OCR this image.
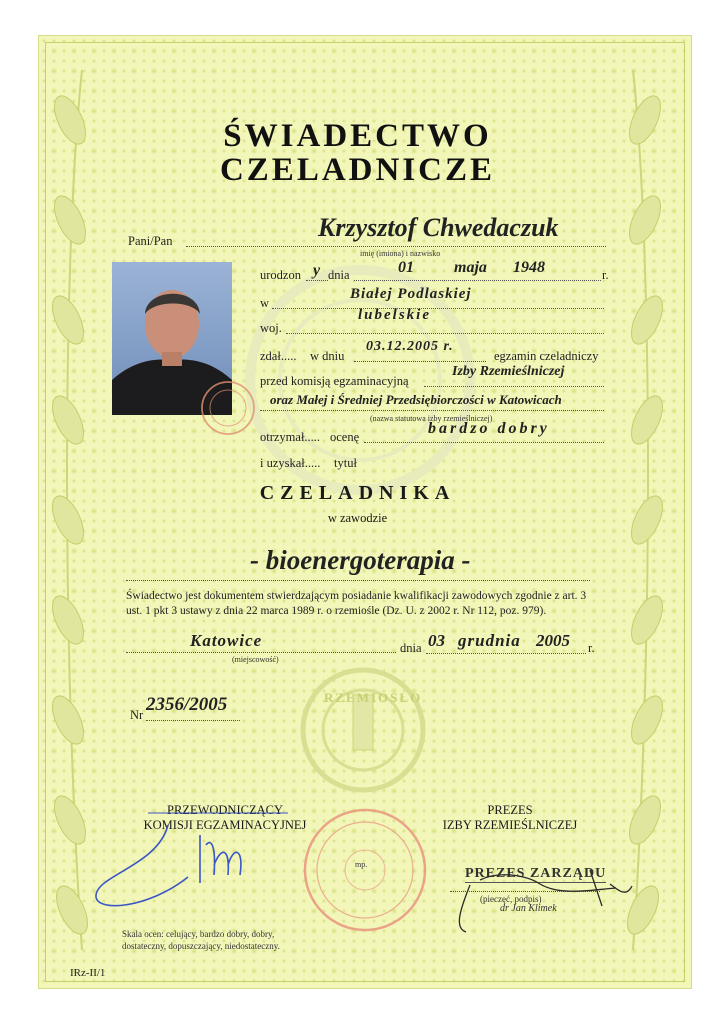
ŚWIADECTWO
CZELADNICZE
Pani/Pan	Krzysztof Chwedaczuk
imię (imiona) i nazwisko
urodzon y dnia	01	maja 1948	r.
w
Białej Podlaskiej
lubelskie
woj.
zdał..... w dniu
03.12.2005 r.
egzamin czeladniczy
przed komisją egzaminacyjną
Izby Rzemieślniczej
oraz Małej i Średniej Przedsiębiorczości w Katowicach
(nazwa statutowa izby rzemieślniczej)
otrzymał..... ocenę	bardzo dobry
i uzyskał..... tytuł
CZELADNIKA
w zawodzie
- bioenergoterapia -
Świadectwo jest dokumentem stwierdzającym posiadanie kwalifikacji zawodowych zgodnie z art. 3
ust. 1 pkt 3 ustawy z dnia 22 marca 1989 r. o rzemiośle (Dz. U. z 2002 r. Nr 112, poz. 979).
Katowice
(miejscowość)
dnia 03 grudnia 2005 r.
RZEMIOSŁO
Nr 2356/2005
PRZEWODNICZĄCY
KOMISJI EGZAMINACYJNEJ
PREZES
IZBY RZEMIEŚLNICZEJ
mp.
PREZES ZARZĄDU
(pieczęć, podpis)
dr Jan Klimek
Skala ocen: celujący, bardzo dobry, dobry,
dostateczny, dopuszczający, niedostateczny.
IRz-II/1
